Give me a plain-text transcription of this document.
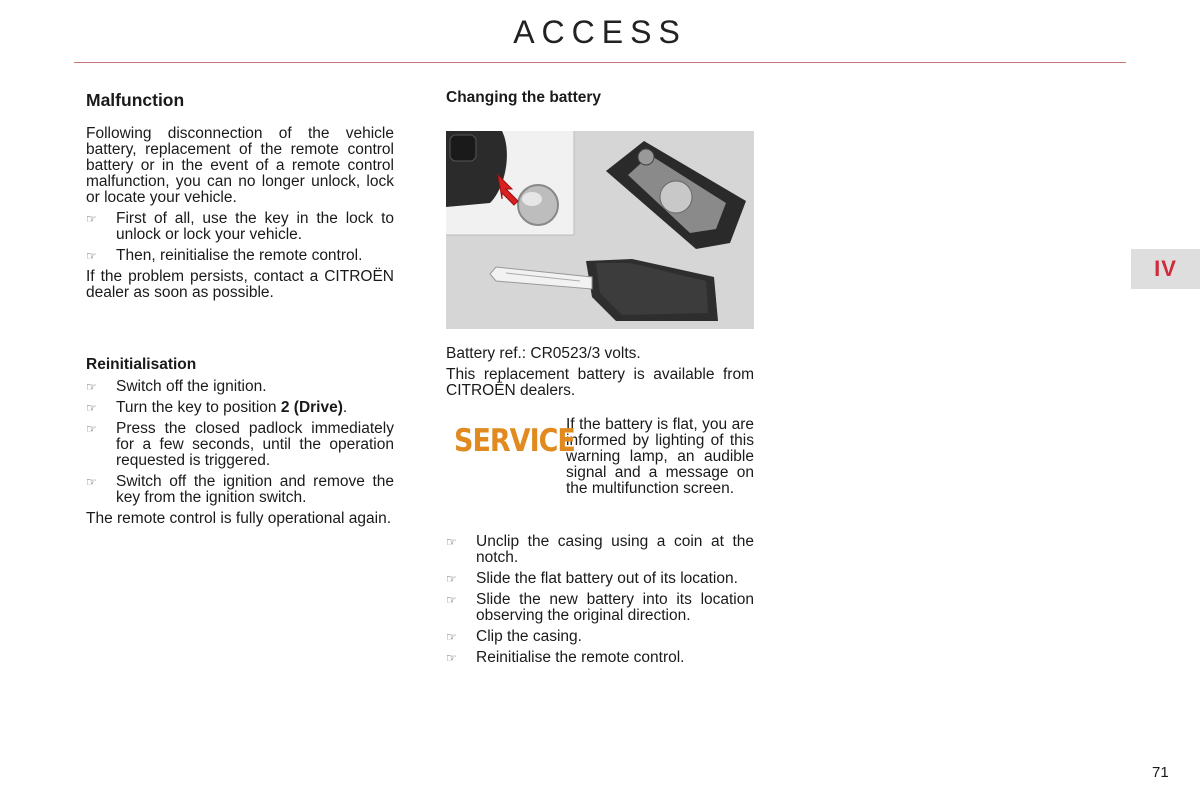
ACCESS
Malfunction

Following disconnection of the vehicle battery, replacement of the remote control battery or in the event of a remote control malfunction, you can no longer unlock, lock or locate your vehicle.

☞	First of all, use the key in the lock to unlock or lock your vehicle.
☞	Then, reinitialise the remote control.

If the problem persists, contact a CITROËN dealer as soon as possible.

Reinitialisation
☞	Switch off the ignition.
☞	Turn the key to position 2 (Drive).
☞	Press the closed padlock immediately for a few seconds, until the operation requested is triggered.
☞	Switch off the ignition and remove the key from the ignition switch.

The remote control is fully operational again.

Changing the battery

Battery ref.: CR0523/3 volts.

This replacement battery is available from CITROËN dealers.

SERVICE
If the battery is flat, you are informed by lighting of this warning lamp, an audible signal and a message on the multifunction screen.
☞	Unclip the casing using a coin at the notch.
☞	Slide the flat battery out of its location.
☞	Slide the new battery into its location observing the original direction.
☞	Clip the casing.
☞	Reinitialise the remote control.
IV
71
